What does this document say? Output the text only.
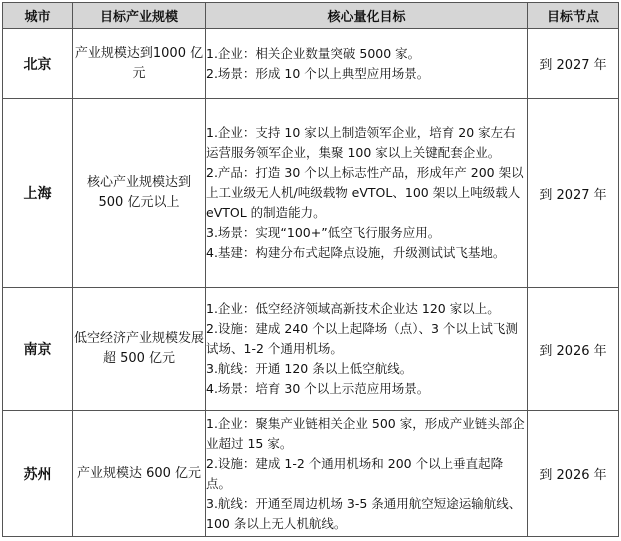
城市	目标产业规模	核心量化目标	目标节点
北京	产业规模达到1000 亿元	1.企业：相关企业数量突破 5000 家。
2.场景：形成 10 个以上典型应用场景。	到 2027 年
上海	核心产业规模达到 500 亿元以上	1.企业：支持 10 家以上制造领军企业，培育 20 家左右运营服务领军企业，集聚 100 家以上关键配套企业。
2.产品：打造 30 个以上标志性产品，形成年产 200 架以上工业级无人机/吨级载物 eVTOL、100 架以上吨级载人 eVTOL 的制造能力。
3.场景：实现“100+”低空飞行服务应用。
4.基建：构建分布式起降点设施，升级测试试飞基地。	到 2027 年
南京	低空经济产业规模发展超 500 亿元	1.企业：低空经济领域高新技术企业达 120 家以上。
2.设施：建成 240 个以上起降场（点）、3 个以上试飞测试场、1-2 个通用机场。
3.航线：开通 120 条以上低空航线。
4.场景：培育 30 个以上示范应用场景。	到 2026 年
苏州	产业规模达 600 亿元	1.企业：聚集产业链相关企业 500 家，形成产业链头部企业超过 15 家。
2.设施：建成 1-2 个通用机场和 200 个以上垂直起降点。
3.航线：开通至周边机场 3-5 条通用航空短途运输航线、100 条以上无人机航线。	到 2026 年
